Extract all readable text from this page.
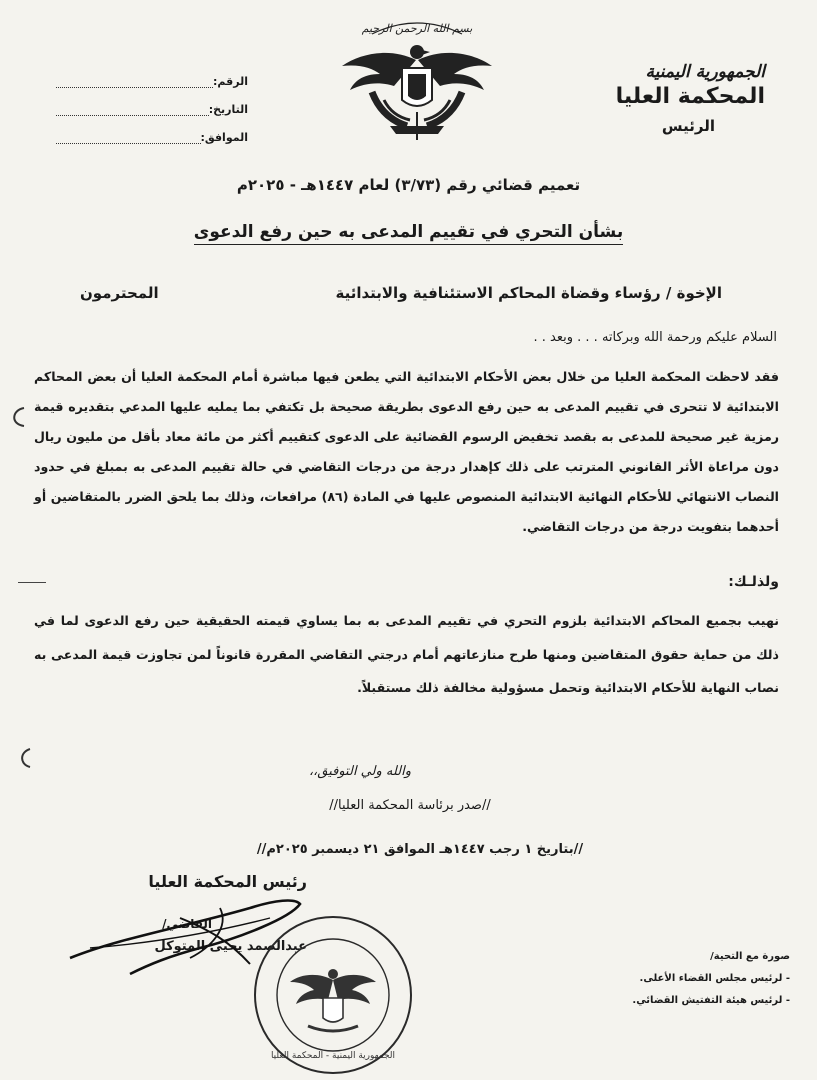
الجمهورية اليمنية
المحكمة العليا
الرئيس
بسم الله الرحمن الرحيم
الرقم:
التاريخ:
الموافق:
تعميم قضائي رقم (٣/٧٣) لعام ١٤٤٧هـ - ٢٠٢٥م
بشأن التحري في تقييم المدعى به حين رفع الدعوى
الإخوة / رؤساء وقضاة المحاكم الاستئنافية والابتدائية
المحترمون
السلام عليكم ورحمة الله وبركاته . . . وبعد . .
فقد لاحظت المحكمة العليا من خلال بعض الأحكام الابتدائية التي يطعن فيها مباشرة أمام المحكمة العليا أن بعض المحاكم الابتدائية لا تتحرى في تقييم المدعى به حين رفع الدعوى بطريقة صحيحة بل تكتفي بما يمليه عليها المدعي بتقديره قيمة رمزية غير صحيحة للمدعى به بقصد تخفيض الرسوم القضائية على الدعوى كتقييم أكثر من مائة معاد بأقل من مليون ريال دون مراعاة الأثر القانوني المترتب على ذلك كإهدار درجة من درجات التقاضي في حالة تقييم المدعى به بمبلغ في حدود النصاب الانتهائي للأحكام النهائية الابتدائية المنصوص عليها في المادة (٨٦) مرافعات، وذلك بما يلحق الضرر بالمتقاضين أو أحدهما بتفويت درجة من درجات التقاضي.
ولذلـك:
نهيب بجميع المحاكم الابتدائية بلزوم التحري في تقييم المدعى به بما يساوي قيمته الحقيقية حين رفع الدعوى لما في ذلك من حماية حقوق المتقاضين ومنها طرح منازعاتهم أمام درجتي التقاضي المقررة قانوناً لمن تجاوزت قيمة المدعى به نصاب النهاية للأحكام الابتدائية وتحمل مسؤولية مخالفة ذلك مستقبلاً.
والله ولي التوفيق،،
//صدر برئاسة المحكمة العليا//
//بتاريخ ١ رجب ١٤٤٧هـ الموافق ٢١ ديسمبر ٢٠٢٥م//
رئيس المحكمة العليا
القاضي/
عبدالصمد يحيى المتوكل
الجمهورية اليمنية - المحكمة العليا
صورة مع التحية/
- لرئيس مجلس القضاء الأعلى.
- لرئيس هيئة التفتيش القضائي.
